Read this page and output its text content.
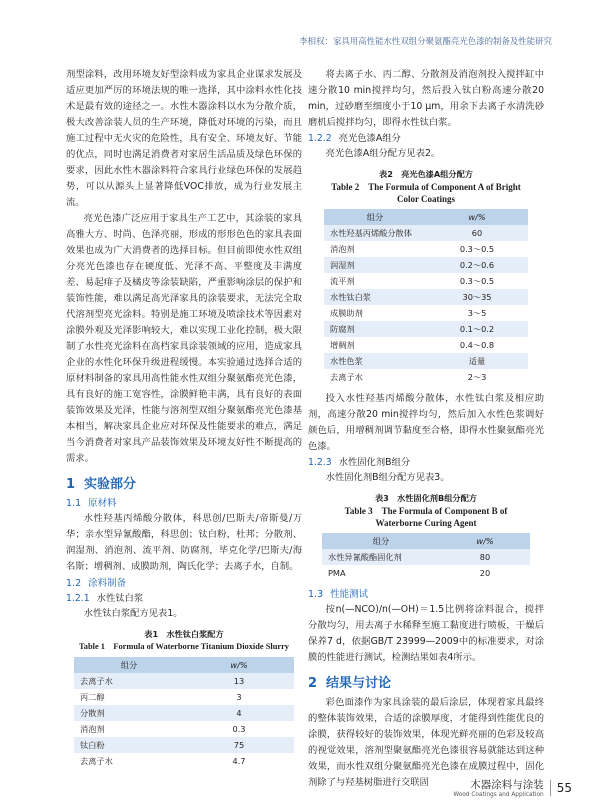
李相权：家具用高性能水性双组分聚氨酯亮光色漆的制备及性能研究

剂型涂料，改用环境友好型涂料成为家具企业谋求发展及适应更加严厉的环境法规的唯一选择，其中涂料水性化技术是最有效的途径之一。水性木器涂料以水为分散介质，极大改善涂装人员的生产环境，降低对环境的污染，而且施工过程中无火灾的危险性，具有安全、环境友好、节能的优点，同时也满足消费者对家居生活品质及绿色环保的要求，因此水性木器涂料符合家具行业绿色环保的发展趋势，可以从源头上显著降低VOC排放，成为行业发展主流。

亮光色漆广泛应用于家具生产工艺中，其涂装的家具高雅大方、时尚、色泽亮丽，形成的形形色色的家具表面效果也成为广大消费者的选择目标。但目前即使水性双组分亮光色漆也存在硬度低、光泽不高、平整度及丰满度差、易起痱子及橘皮等涂装缺陷，严重影响涂层的保护和装饰性能，难以满足高光泽家具的涂装要求，无法完全取代溶剂型亮光涂料。特别是施工环境及喷涂技术等因素对涂膜外观及光泽影响较大，难以实现工业化控制，极大限制了水性亮光涂料在高档家具涂装领域的应用，造成家具企业的水性化环保升级进程缓慢。本实验通过选择合适的原材料制备的家具用高性能水性双组分聚氨酯亮光色漆，具有良好的施工宽容性，涂膜鲜艳丰满，具有良好的表面装饰效果及光泽，性能与溶剂型双组分聚氨酯亮光色漆基本相当，解决家具企业应对环保及性能要求的难点，满足当今消费者对家具产品装饰效果及环境友好性不断提高的需求。

1 实验部分
1.1 原材料

水性羟基丙烯酸分散体，科思创/巴斯夫/帝斯曼/万华；亲水型异氰酸酯，科思创；钛白粉，杜邦；分散剂、润湿剂、消泡剂、流平剂、防腐剂，毕克化学/巴斯夫/海名斯；增稠剂、成膜助剂，陶氏化学；去离子水，自制。

1.2 涂料制备
1.2.1 水性钛白浆

水性钛白浆配方见表1。

表1　水性钛白浆配方
Table 1　Formula of Waterborne Titanium Dioxide Slurry
组分	w/%
去离子水	13
丙二醇	3
分散剂	4
消泡剂	0.3
钛白粉	75
去离子水	4.7

将去离子水、丙二醇、分散剂及消泡剂投入搅拌缸中速分散10 min搅拌均匀，然后投入钛白粉高速分散20 min，过砂磨至细度小于10 μm，用余下去离子水清洗砂磨机后搅拌均匀，即得水性钛白浆。

1.2.2 亮光色漆A组分

亮光色漆A组分配方见表2。

表2　亮光色漆A组分配方
Table 2　The Formula of Component A of Bright Color Coatings
组分	w/%
水性羟基丙烯酸分散体	60
消泡剂	0.3～0.5
润湿剂	0.2～0.6
流平剂	0.3～0.5
水性钛白浆	30～35
成膜助剂	3～5
防腐剂	0.1～0.2
增稠剂	0.4～0.8
水性色浆	适量
去离子水	2～3

投入水性羟基丙烯酸分散体，水性钛白浆及相应助剂，高速分散20 min搅拌均匀，然后加入水性色浆调好颜色后，用增稠剂调节黏度至合格，即得水性聚氨酯亮光色漆。

1.2.3 水性固化剂B组分

水性固化剂B组分配方见表3。

表3　水性固化剂B组分配方
Table 3　The Formula of Component B of Waterborne Curing Agent
组分	w/%
水性异氰酸酯固化剂	80
PMA	20
1.3 性能测试

按n(—NCO)/n(—OH)＝1.5比例将涂料混合，搅拌分散均匀，用去离子水稀释至施工黏度进行喷板，干燥后保养7 d，依据GB/T 23999—2009中的标准要求，对涂膜的性能进行测试，检测结果如表4所示。

2 结果与讨论

彩色面漆作为家具涂装的最后涂层，体现着家具最终的整体装饰效果，合适的涂膜厚度，才能得到性能优良的涂膜，获得较好的装饰效果，体现光鲜亮丽的色彩及较高的视觉效果，溶剂型聚氨酯亮光色漆很容易就能达到这种效果，而水性双组分聚氨酯亮光色漆在成膜过程中，固化剂除了与羟基树脂进行交联固	木器涂料与涂装
Wood Coatings and Application
55
